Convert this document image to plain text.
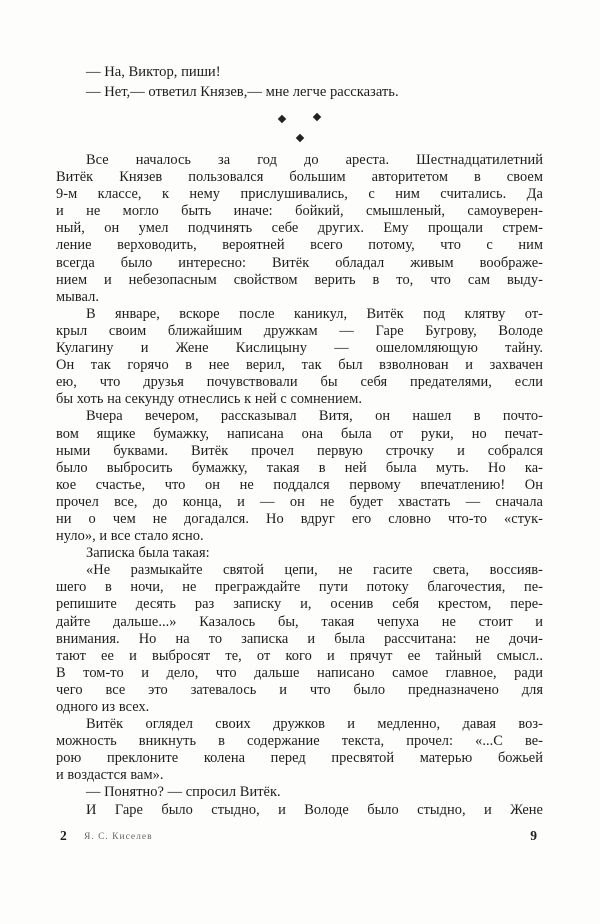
— На, Виктор, пиши!
— Нет,— ответил Князев,— мне легче рассказать.
Все началось за год до ареста. Шестнадцатилетний
Витёк Князев пользовался большим авторитетом в своем
9-м классе, к нему прислушивались, с ним считались. Да
и не могло быть иначе: бойкий, смышленый, самоуверен-
ный, он умел подчинять себе других. Ему прощали стрем-
ление верховодить, вероятней всего потому, что с ним
всегда было интересно: Витёк обладал живым воображе-
нием и небезопасным свойством верить в то, что сам выду-
мывал.
В январе, вскоре после каникул, Витёк под клятву от-
крыл своим ближайшим дружкам — Гаре Бугрову, Володе
Кулагину и Жене Кислицыну — ошеломляющую тайну.
Он так горячо в нее верил, так был взволнован и захвачен
ею, что друзья почувствовали бы себя предателями, если
бы хоть на секунду отнеслись к ней с сомнением.
Вчера вечером, рассказывал Витя, он нашел в почто-
вом ящике бумажку, написана она была от руки, но печат-
ными буквами. Витёк прочел первую строчку и собрался
было выбросить бумажку, такая в ней была муть. Но ка-
кое счастье, что он не поддался первому впечатлению! Он
прочел все, до конца, и — он не будет хвастать — сначала
ни о чем не догадался. Но вдруг его словно что-то «стук-
нуло», и все стало ясно.
Записка была такая:
«Не размыкайте святой цепи, не гасите света, воссияв-
шего в ночи, не преграждайте пути потоку благочестия, пе-
репишите десять раз записку и, осенив себя крестом, пере-
дайте дальше...» Казалось бы, такая чепуха не стоит и
внимания. Но на то записка и была рассчитана: не дочи-
тают ее и выбросят те, от кого и прячут ее тайный смысл..
В том-то и дело, что дальше написано самое главное, ради
чего все это затевалось и что было предназначено для
одного из всех.
Витёк оглядел своих дружков и медленно, давая воз-
можность вникнуть в содержание текста, прочел: «...С ве-
рою преклоните колена перед пресвятой матерью божьей
и воздастся вам».
— Понятно? — спросил Витёк.
И Гаре было стыдно, и Володе было стыдно, и Жене
2 Я. С. Киселев	9
